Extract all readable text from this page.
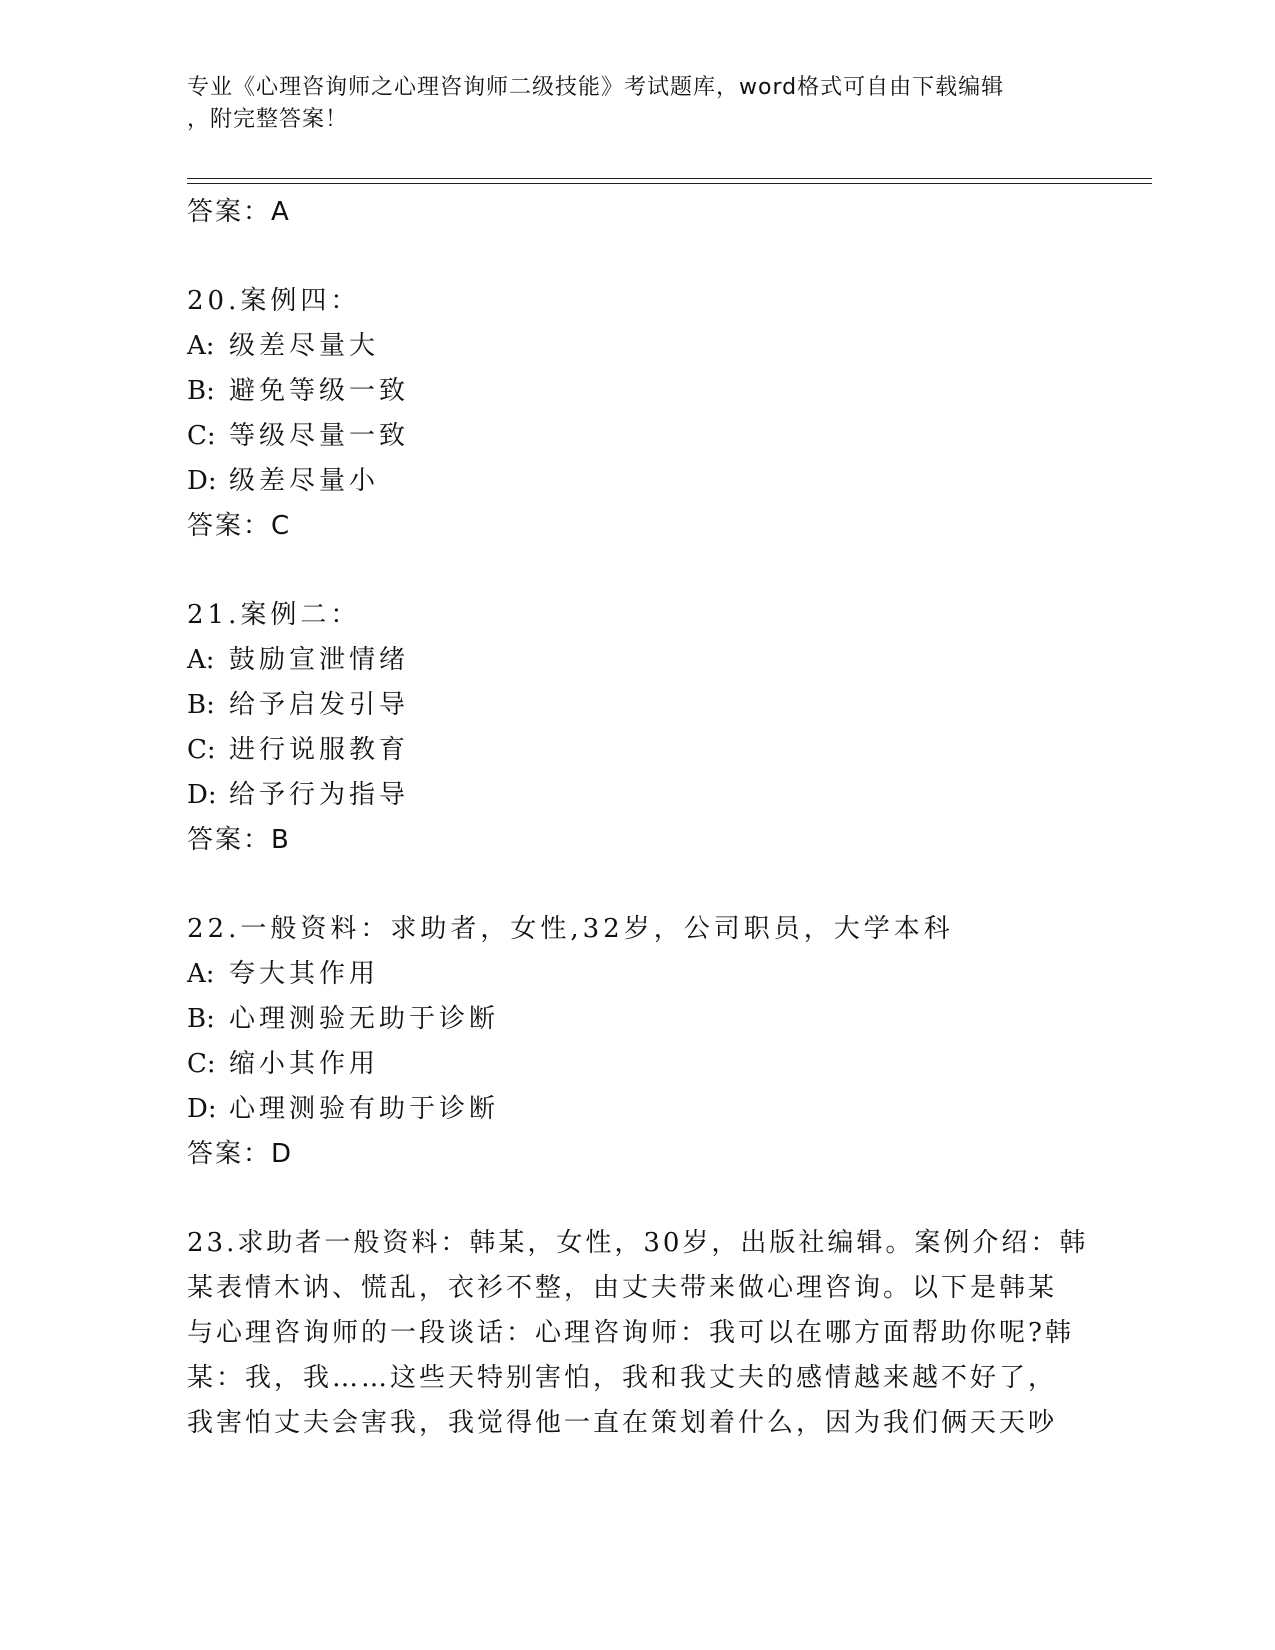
专业《心理咨询师之心理咨询师二级技能》考试题库，word格式可自由下载编辑
，附完整答案！
答案：A
20.案例四：
A: 级差尽量大
B: 避免等级一致
C: 等级尽量一致
D: 级差尽量小
答案：C
21.案例二：
A: 鼓励宣泄情绪
B: 给予启发引导
C: 进行说服教育
D: 给予行为指导
答案：B
22.一般资料：求助者，女性,32岁，公司职员，大学本科
A: 夸大其作用
B: 心理测验无助于诊断
C: 缩小其作用
D: 心理测验有助于诊断
答案：D
23.求助者一般资料：韩某，女性，30岁，出版社编辑。案例介绍：韩
某表情木讷、慌乱，衣衫不整，由丈夫带来做心理咨询。以下是韩某
与心理咨询师的一段谈话：心理咨询师：我可以在哪方面帮助你呢?韩
某：我，我……这些天特别害怕，我和我丈夫的感情越来越不好了，
我害怕丈夫会害我，我觉得他一直在策划着什么，因为我们俩天天吵
